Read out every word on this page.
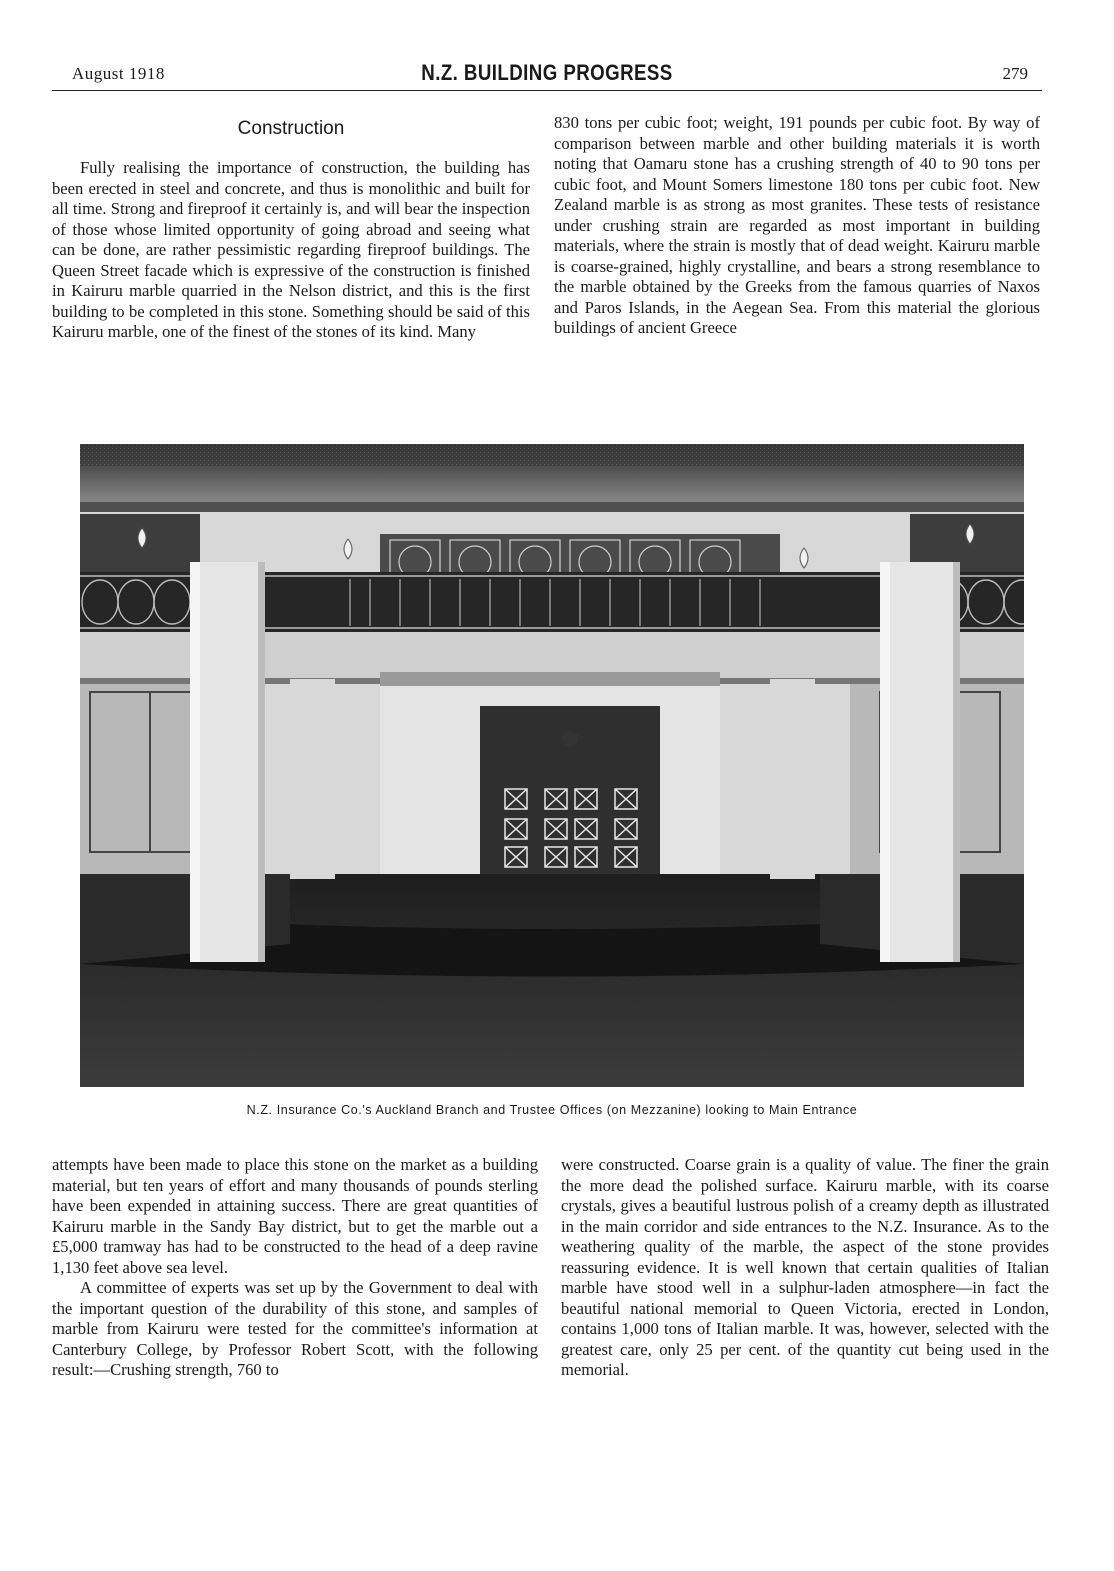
August 1918	N.Z. BUILDING PROGRESS	279
Construction

Fully realising the importance of construction, the building has been erected in steel and concrete, and thus is monolithic and built for all time. Strong and fireproof it certainly is, and will bear the inspection of those whose limited opportunity of going abroad and seeing what can be done, are rather pessimistic regarding fireproof buildings. The Queen Street facade which is expressive of the construction is finished in Kairuru marble quarried in the Nelson district, and this is the first building to be completed in this stone. Something should be said of this Kairuru marble, one of the finest of the stones of its kind. Many

830 tons per cubic foot; weight, 191 pounds per cubic foot. By way of comparison between marble and other building materials it is worth noting that Oamaru stone has a crushing strength of 40 to 90 tons per cubic foot, and Mount Somers limestone 180 tons per cubic foot. New Zealand marble is as strong as most granites. These tests of resistance under crushing strain are regarded as most important in building materials, where the strain is mostly that of dead weight. Kairuru marble is coarse-grained, highly crystalline, and bears a strong resemblance to the marble obtained by the Greeks from the famous quarries of Naxos and Paros Islands, in the Aegean Sea. From this material the glorious buildings of ancient Greece

N.Z. Insurance Co.'s Auckland Branch and Trustee Offices (on Mezzanine) looking to Main Entrance

attempts have been made to place this stone on the market as a building material, but ten years of effort and many thousands of pounds sterling have been expended in attaining success. There are great quantities of Kairuru marble in the Sandy Bay district, but to get the marble out a £5,000 tramway has had to be constructed to the head of a deep ravine 1,130 feet above sea level.

A committee of experts was set up by the Government to deal with the important question of the durability of this stone, and samples of marble from Kairuru were tested for the committee's information at Canterbury College, by Professor Robert Scott, with the following result:—Crushing strength, 760 to

were constructed. Coarse grain is a quality of value. The finer the grain the more dead the polished surface. Kairuru marble, with its coarse crystals, gives a beautiful lustrous polish of a creamy depth as illustrated in the main corridor and side entrances to the N.Z. Insurance. As to the weathering quality of the marble, the aspect of the stone provides reassuring evidence. It is well known that certain qualities of Italian marble have stood well in a sulphur-laden atmosphere—in fact the beautiful national memorial to Queen Victoria, erected in London, contains 1,000 tons of Italian marble. It was, however, selected with the greatest care, only 25 per cent. of the quantity cut being used in the memorial.
